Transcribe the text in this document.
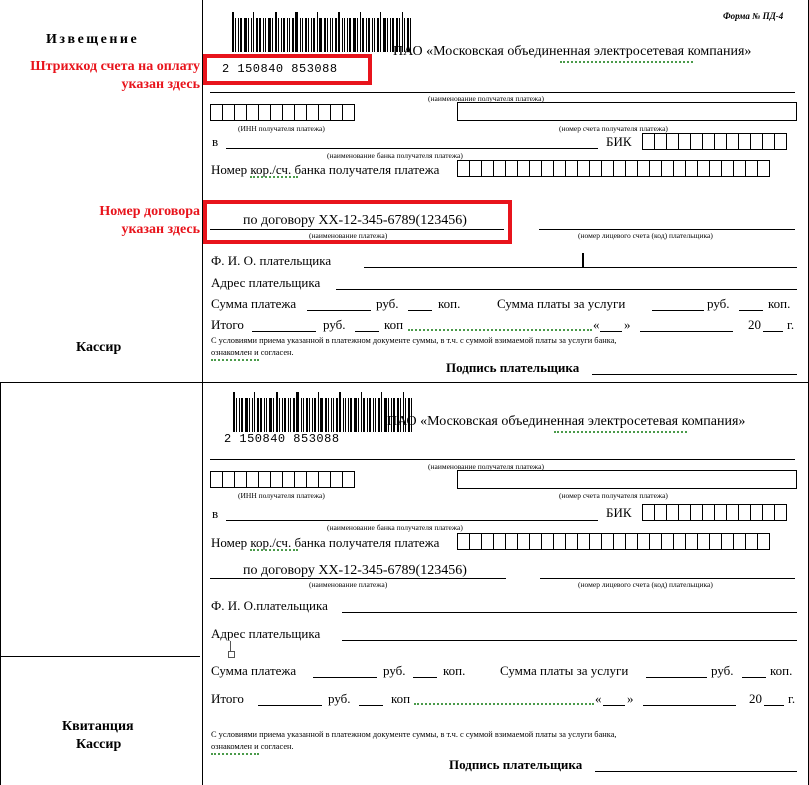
Извещение
Штрихкод счета на оплату
указан здесь
Номер договора
указан здесь
Кассир
Квитанция
Кассир
Форма № ПД-4
2 150840 853088
ПАО «Московская объединенная электросетевая компания»
(наименование получателя платежа)
(ИНН получателя платежа)	(номер счета получателя платежа)
в	БИК
(наименование банка получателя платежа)
Номер кор./сч. банка получателя платежа
по договору ХХ-12-345-6789(123456)
(наименование платежа)	(номер лицевого счета (код) плательщика)
Ф. И. О. плательщика
Адрес плательщика
Сумма платежа	руб.	коп.	Сумма платы за услуги	руб.	коп.
Итого	руб.	коп	« »	20 г.
С условиями приема указанной в платежном документе суммы, в т.ч. с суммой взимаемой платы за услуги банка,
ознакомлен и согласен.
Подпись плательщика
2 150840 853088
ПАО «Московская объединенная электросетевая компания»
(наименование получателя платежа)
(ИНН получателя платежа)	(номер счета получателя платежа)
в	БИК
(наименование банка получателя платежа)
Номер кор./сч. банка получателя платежа
по договору ХХ-12-345-6789(123456)
(наименование платежа)	(номер лицевого счета (код) плательщика)
Ф. И. О.плательщика
Адрес плательщика
Сумма платежа	руб.	коп.	Сумма платы за услуги	руб.	коп.
Итого	руб.	коп	« »	20 г.
С условиями приема указанной в платежном документе суммы, в т.ч. с суммой взимаемой платы за услуги банка,
ознакомлен и согласен.
Подпись плательщика
